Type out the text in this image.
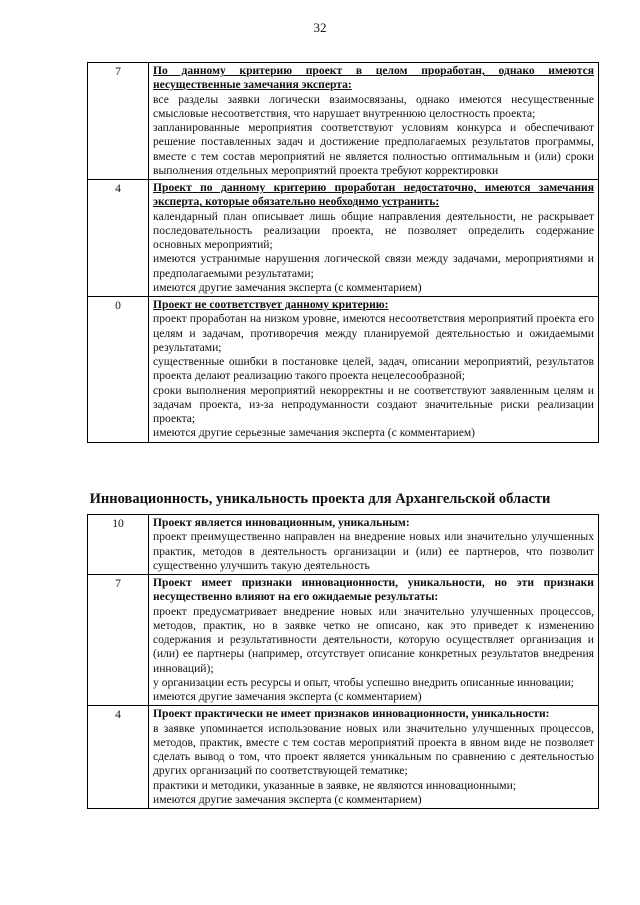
32
7	По данному критерию проект в целом проработан, однако имеются несущественные замечания эксперта:
все разделы заявки логически взаимосвязаны, однако имеются несущественные смысловые несоответствия, что нарушает внутреннюю целостность проекта;
запланированные мероприятия соответствуют условиям конкурса и обеспечивают решение поставленных задач и достижение предполагаемых результатов программы, вместе с тем состав мероприятий не является полностью оптимальным и (или) сроки выполнения отдельных мероприятий проекта требуют корректировки

4	Проект по данному критерию проработан недостаточно, имеются замечания эксперта, которые обязательно необходимо устранить:
календарный план описывает лишь общие направления деятельности, не раскрывает последовательность реализации проекта, не позволяет определить содержание основных мероприятий;
имеются устранимые нарушения логической связи между задачами, мероприятиями и предполагаемыми результатами;
имеются другие замечания эксперта (с комментарием)

0	Проект не соответствует данному критерию:
проект проработан на низком уровне, имеются несоответствия мероприятий проекта его целям и задачам, противоречия между планируемой деятельностью и ожидаемыми результатами;
существенные ошибки в постановке целей, задач, описании мероприятий, результатов проекта делают реализацию такого проекта нецелесообразной;
сроки выполнения мероприятий некорректны и не соответствуют заявленным целям и задачам проекта, из-за непродуманности создают значительные риски реализации проекта;
имеются другие серьезные замечания эксперта (с комментарием)
Инновационность, уникальность проекта для Архангельской области
10	Проект является инновационным, уникальным:
проект преимущественно направлен на внедрение новых или значительно улучшенных практик, методов в деятельность организации и (или) ее партнеров, что позволит существенно улучшить такую деятельность

7	Проект имеет признаки инновационности, уникальности, но эти признаки несущественно влияют на его ожидаемые результаты:
проект предусматривает внедрение новых или значительно улучшенных процессов, методов, практик, но в заявке четко не описано, как это приведет к изменению содержания и результативности деятельности, которую осуществляет организация и (или) ее партнеры (например, отсутствует описание конкретных результатов внедрения инноваций);
у организации есть ресурсы и опыт, чтобы успешно внедрить описанные инновации;
имеются другие замечания эксперта (с комментарием)

4	Проект практически не имеет признаков инновационности, уникальности:
в заявке упоминается использование новых или значительно улучшенных процессов, методов, практик, вместе с тем состав мероприятий проекта в явном виде не позволяет сделать вывод о том, что проект является уникальным по сравнению с деятельностью других организаций по соответствующей тематике;
практики и методики, указанные в заявке, не являются инновационными;
имеются другие замечания эксперта (с комментарием)
